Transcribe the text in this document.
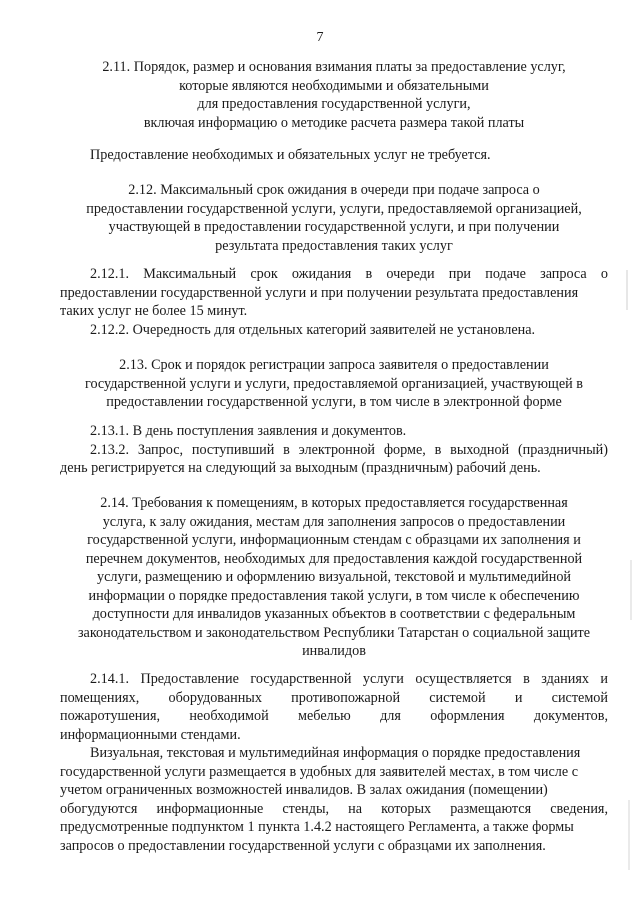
7
2.11. Порядок, размер и основания взимания платы за предоставление услуг,
которые являются необходимыми и обязательными
для предоставления государственной услуги,
включая информацию о методике расчета размера такой платы
Предоставление необходимых и обязательных услуг не требуется.
2.12. Максимальный срок ожидания в очереди при подаче запроса о
предоставлении государственной услуги, услуги, предоставляемой организацией,
участвующей в предоставлении государственной услуги, и при получении
результата предоставления таких услуг
2.12.1. Максимальный срок ожидания в очереди при подаче запроса о
предоставлении государственной услуги и при получении результата предоставления
таких услуг не более 15 минут.
2.12.2. Очередность для отдельных категорий заявителей не установлена.
2.13. Срок и порядок регистрации запроса заявителя о предоставлении
государственной услуги и услуги, предоставляемой организацией, участвующей в
предоставлении государственной услуги, в том числе в электронной форме
2.13.1. В день поступления заявления и документов.
2.13.2. Запрос, поступивший в электронной форме, в выходной (праздничный)
день регистрируется на следующий за выходным (праздничным) рабочий день.
2.14. Требования к помещениям, в которых предоставляется государственная
услуга, к залу ожидания, местам для заполнения запросов о предоставлении
государственной услуги, информационным стендам с образцами их заполнения и
перечнем документов, необходимых для предоставления каждой государственной
услуги, размещению и оформлению визуальной, текстовой и мультимедийной
информации о порядке предоставления такой услуги, в том числе к обеспечению
доступности для инвалидов указанных объектов в соответствии с федеральным
законодательством и законодательством Республики Татарстан о социальной защите
инвалидов
2.14.1. Предоставление государственной услуги осуществляется в зданиях и
помещениях, оборудованных противопожарной системой и системой
пожаротушения, необходимой мебелью для оформления документов,
информационными стендами.
Визуальная, текстовая и мультимедийная информация о порядке предоставления
государственной услуги размещается в удобных для заявителей местах, в том числе с
учетом ограниченных возможностей инвалидов. В залах ожидания (помещении)
обогудуются информационные стенды, на которых размещаются сведения,
предусмотренные подпунктом 1 пункта 1.4.2 настоящего Регламента, а также формы
запросов о предоставлении государственной услуги с образцами их заполнения.
